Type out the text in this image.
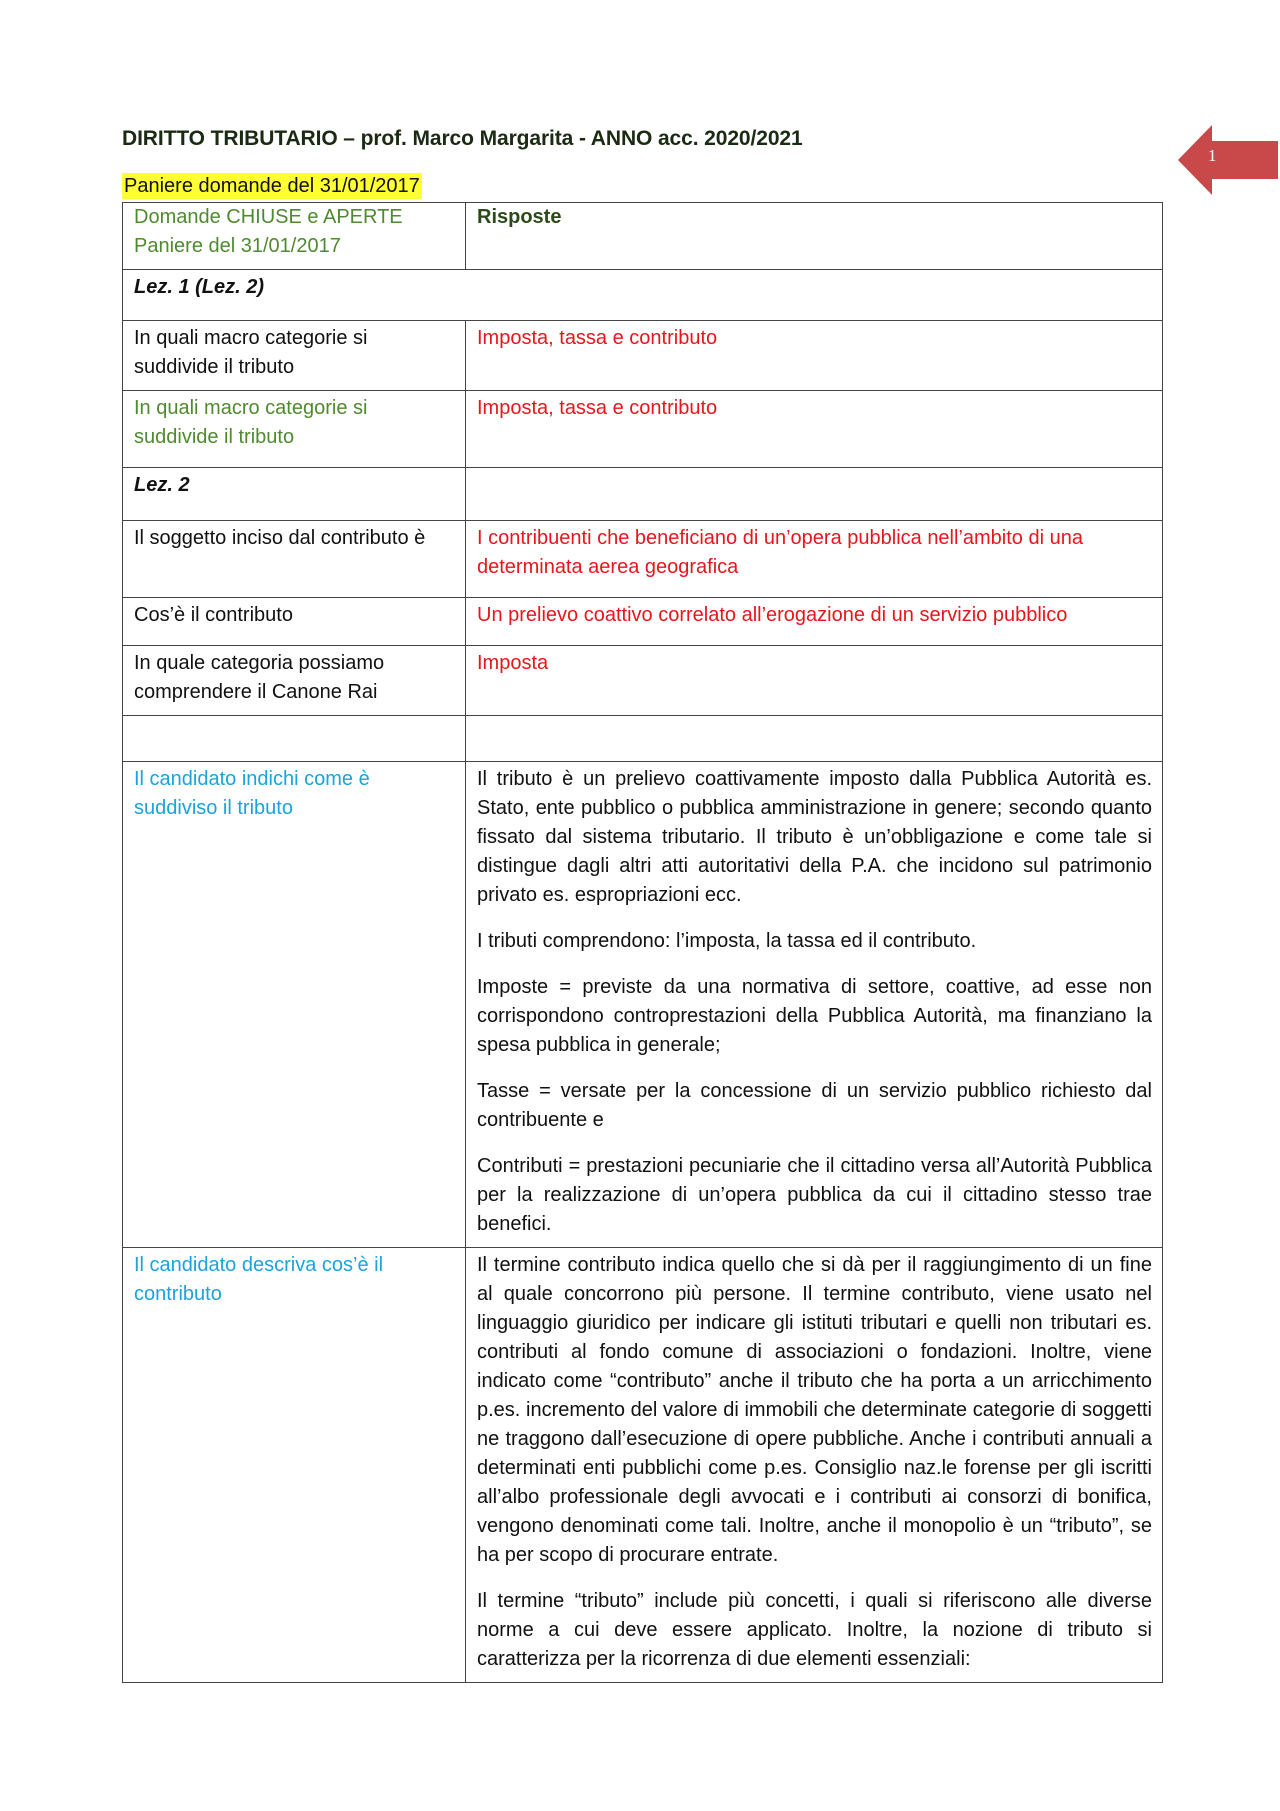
DIRITTO TRIBUTARIO – prof. Marco Margarita - ANNO acc. 2020/2021
1
Paniere domande del 31/01/2017
Domande CHIUSE e APERTE Paniere del 31/01/2017	Risposte
Lez. 1 (Lez. 2)	
In quali macro categorie si suddivide il tributo	Imposta, tassa e contributo
In quali macro categorie si suddivide il tributo	Imposta, tassa e contributo
Lez. 2	
Il soggetto inciso dal contributo è	I contribuenti che beneficiano di un’opera pubblica nell’ambito di una determinata aerea geografica
Cos’è il contributo	Un prelievo coattivo correlato all’erogazione di un servizio pubblico
In quale categoria possiamo comprendere il Canone Rai	Imposta

Il candidato indichi come è suddiviso il tributo	Il tributo è un prelievo coattivamente imposto dalla Pubblica Autorità es. Stato, ente pubblico o pubblica amministrazione in genere; secondo quanto fissato dal sistema tributario. Il tributo è un’obbligazione e come tale si distingue dagli altri atti autoritativi della P.A. che incidono sul patrimonio privato es. espropriazioni ecc.

I tributi comprendono: l’imposta, la tassa ed il contributo.

Imposte = previste da una normativa di settore, coattive, ad esse non corrispondono controprestazioni della Pubblica Autorità, ma finanziano la spesa pubblica in generale;

Tasse = versate per la concessione di un servizio pubblico richiesto dal contribuente e

Contributi = prestazioni pecuniarie che il cittadino versa all’Autorità Pubblica per la realizzazione di un’opera pubblica da cui il cittadino stesso trae benefici.

Il candidato descriva cos’è il contributo	Il termine contributo indica quello che si dà per il raggiungimento di un fine al quale concorrono più persone. Il termine contributo, viene usato nel linguaggio giuridico per indicare gli istituti tributari e quelli non tributari es. contributi al fondo comune di associazioni o fondazioni. Inoltre, viene indicato come “contributo” anche il tributo che ha porta a un arricchimento p.es. incremento del valore di immobili che determinate categorie di soggetti ne traggono dall’esecuzione di opere pubbliche. Anche i contributi annuali a determinati enti pubblichi come p.es. Consiglio naz.le forense per gli iscritti all’albo professionale degli avvocati e i contributi ai consorzi di bonifica, vengono denominati come tali. Inoltre, anche il monopolio è un “tributo”, se ha per scopo di procurare entrate.

Il termine “tributo” include più concetti, i quali si riferiscono alle diverse norme a cui deve essere applicato. Inoltre, la nozione di tributo si caratterizza per la ricorrenza di due elementi essenziali:
